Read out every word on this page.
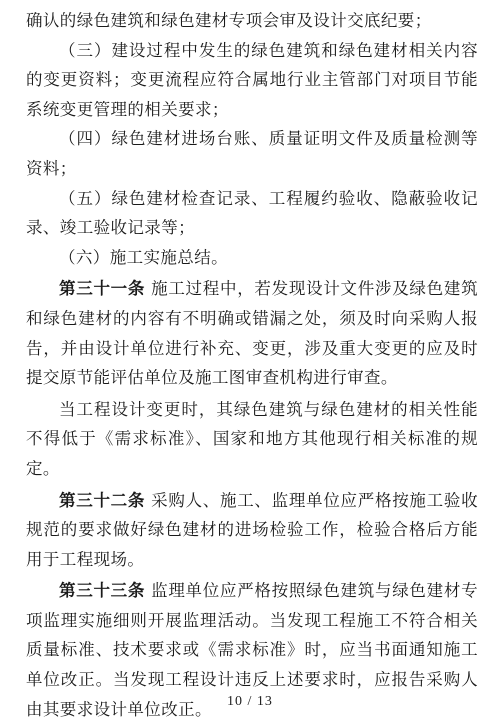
确认的绿色建筑和绿色建材专项会审及设计交底纪要；

（三）建设过程中发生的绿色建筑和绿色建材相关内容的变更资料；变更流程应符合属地行业主管部门对项目节能系统变更管理的相关要求；

（四）绿色建材进场台账、质量证明文件及质量检测等资料；

（五）绿色建材检查记录、工程履约验收、隐蔽验收记录、竣工验收记录等；

（六）施工实施总结。

第三十一条 施工过程中，若发现设计文件涉及绿色建筑和绿色建材的内容有不明确或错漏之处，须及时向采购人报告，并由设计单位进行补充、变更，涉及重大变更的应及时提交原节能评估单位及施工图审查机构进行审查。

当工程设计变更时，其绿色建筑与绿色建材的相关性能不得低于《需求标准》、国家和地方其他现行相关标准的规定。

第三十二条 采购人、施工、监理单位应严格按施工验收规范的要求做好绿色建材的进场检验工作，检验合格后方能用于工程现场。

第三十三条 监理单位应严格按照绿色建筑与绿色建材专项监理实施细则开展监理活动。当发现工程施工不符合相关质量标准、技术要求或《需求标准》时，应当书面通知施工单位改正。当发现工程设计违反上述要求时，应报告采购人由其要求设计单位改正。	10 / 13
